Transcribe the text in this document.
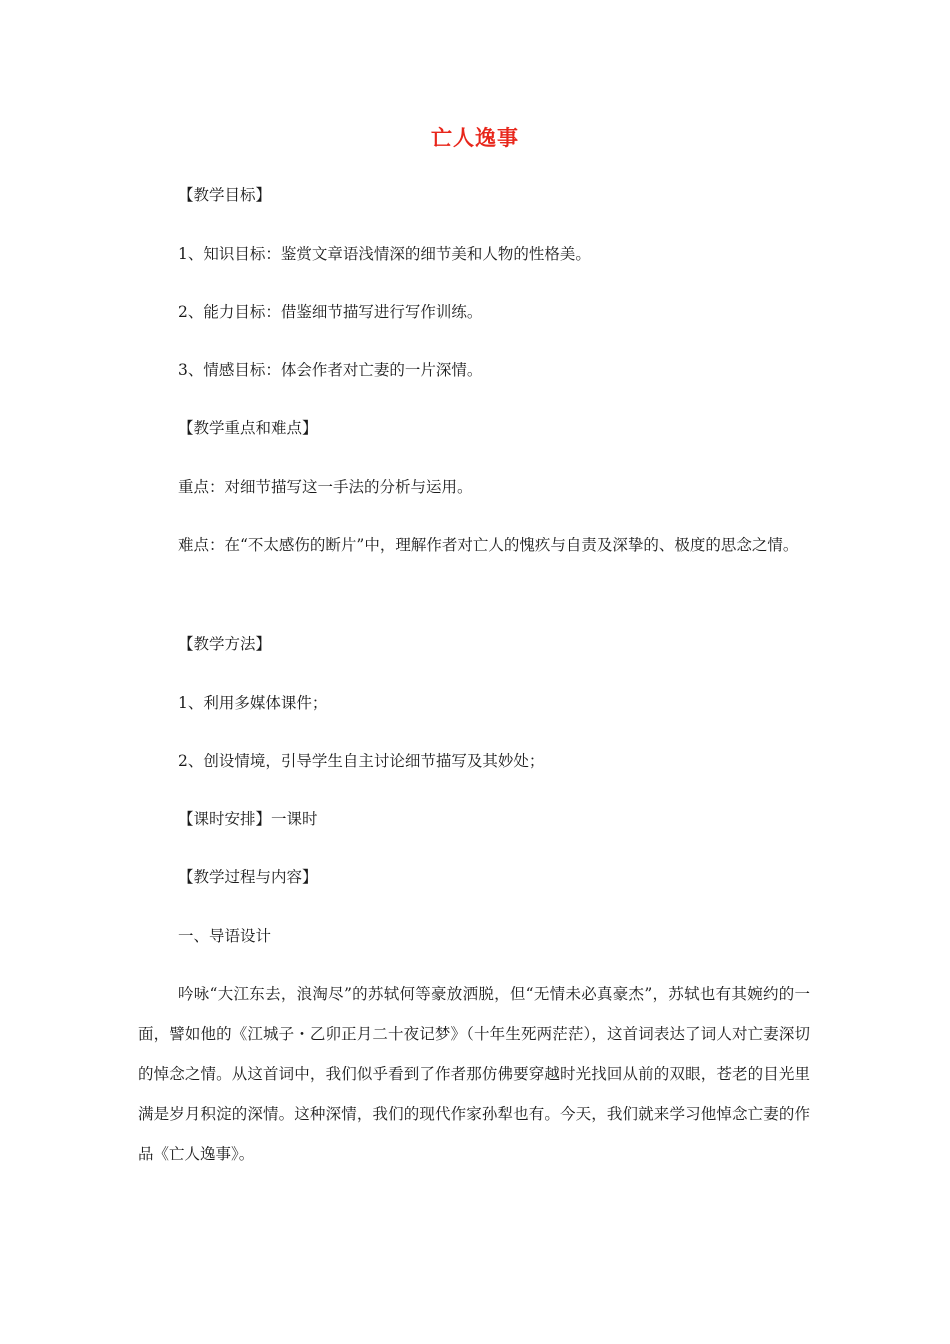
亡人逸事
【教学目标】
1、知识目标：鉴赏文章语浅情深的细节美和人物的性格美。
2、能力目标：借鉴细节描写进行写作训练。
3、情感目标：体会作者对亡妻的一片深情。
【教学重点和难点】
重点：对细节描写这一手法的分析与运用。
难点：在“不太感伤的断片”中，理解作者对亡人的愧疚与自责及深挚的、极度的思念之情。
【教学方法】
1、利用多媒体课件；
2、创设情境，引导学生自主讨论细节描写及其妙处；
【课时安排】一课时
【教学过程与内容】
一、导语设计
吟咏“大江东去，浪淘尽”的苏轼何等豪放洒脱，但“无情未必真豪杰”，苏轼也有其婉约的一面，譬如他的《江城子・乙卯正月二十夜记梦》（十年生死两茫茫），这首词表达了词人对亡妻深切的悼念之情。从这首词中，我们似乎看到了作者那仿佛要穿越时光找回从前的双眼，苍老的目光里满是岁月积淀的深情。这种深情，我们的现代作家孙犁也有。今天，我们就来学习他悼念亡妻的作品《亡人逸事》。
